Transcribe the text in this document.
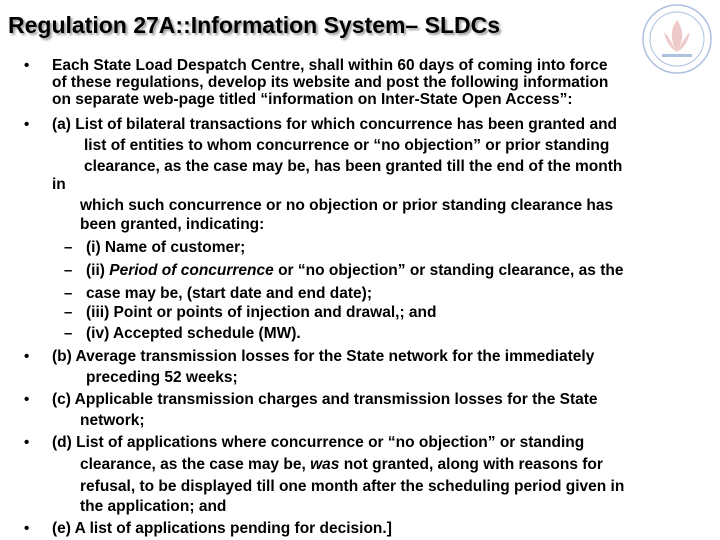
Regulation 27A::Information System– SLDCs
•
•
•
•
•
•
Each State Load Despatch Centre, shall within 60 days of coming into force
of these regulations, develop its website and post the following information
on separate web-page titled “information on Inter-State Open Access”:
(a) List of bilateral transactions for which concurrence has been granted and
list of entities to whom concurrence or “no objection” or prior standing
clearance, as the case may be, has been granted till the end of the month
in
which such concurrence or no objection or prior standing clearance has
been granted, indicating:
– (i) Name of customer;
– (ii) Period of concurrence or “no objection” or standing clearance, as the
– case may be, (start date and end date);
– (iii) Point or points of injection and drawal,; and
– (iv) Accepted schedule (MW).
(b) Average transmission losses for the State network for the immediately
preceding 52 weeks;
(c) Applicable transmission charges and transmission losses for the State
network;
(d) List of applications where concurrence or “no objection” or standing
clearance, as the case may be, was not granted, along with reasons for
refusal, to be displayed till one month after the scheduling period given in
the application; and
(e) A list of applications pending for decision.]
